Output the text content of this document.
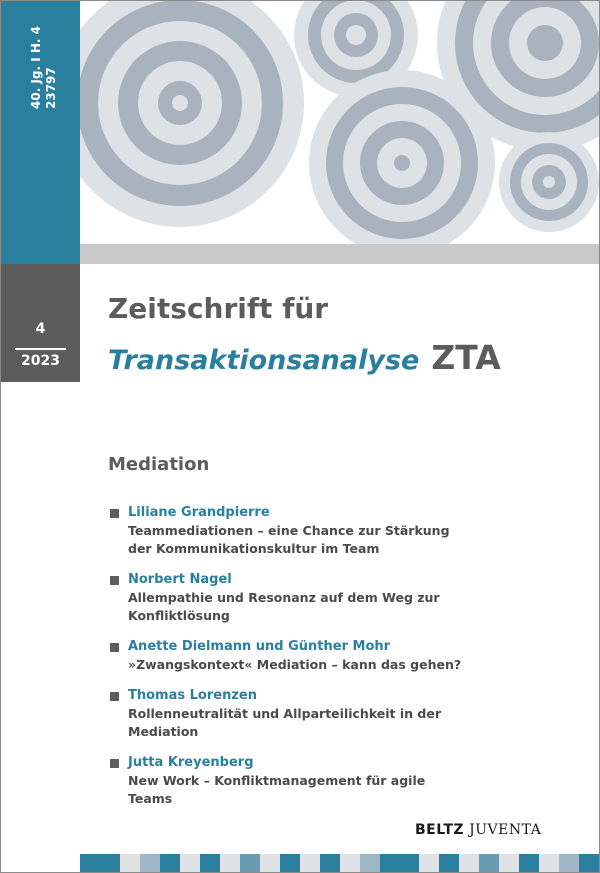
40. Jg. I H. 4 23797
4
2023
Zeitschrift für
Transaktionsanalyse ZTA
Mediation
Liliane Grandpierre
Teammediationen – eine Chance zur Stärkung
der Kommunikationskultur im Team
Norbert Nagel
Allempathie und Resonanz auf dem Weg zur
Konfliktlösung
Anette Dielmann und Günther Mohr
»Zwangskontext« Mediation – kann das gehen?
Thomas Lorenzen
Rollenneutralität und Allparteilichkeit in der
Mediation
Jutta Kreyenberg
New Work – Konfliktmanagement für agile
Teams
BELTZ JUVENTA
